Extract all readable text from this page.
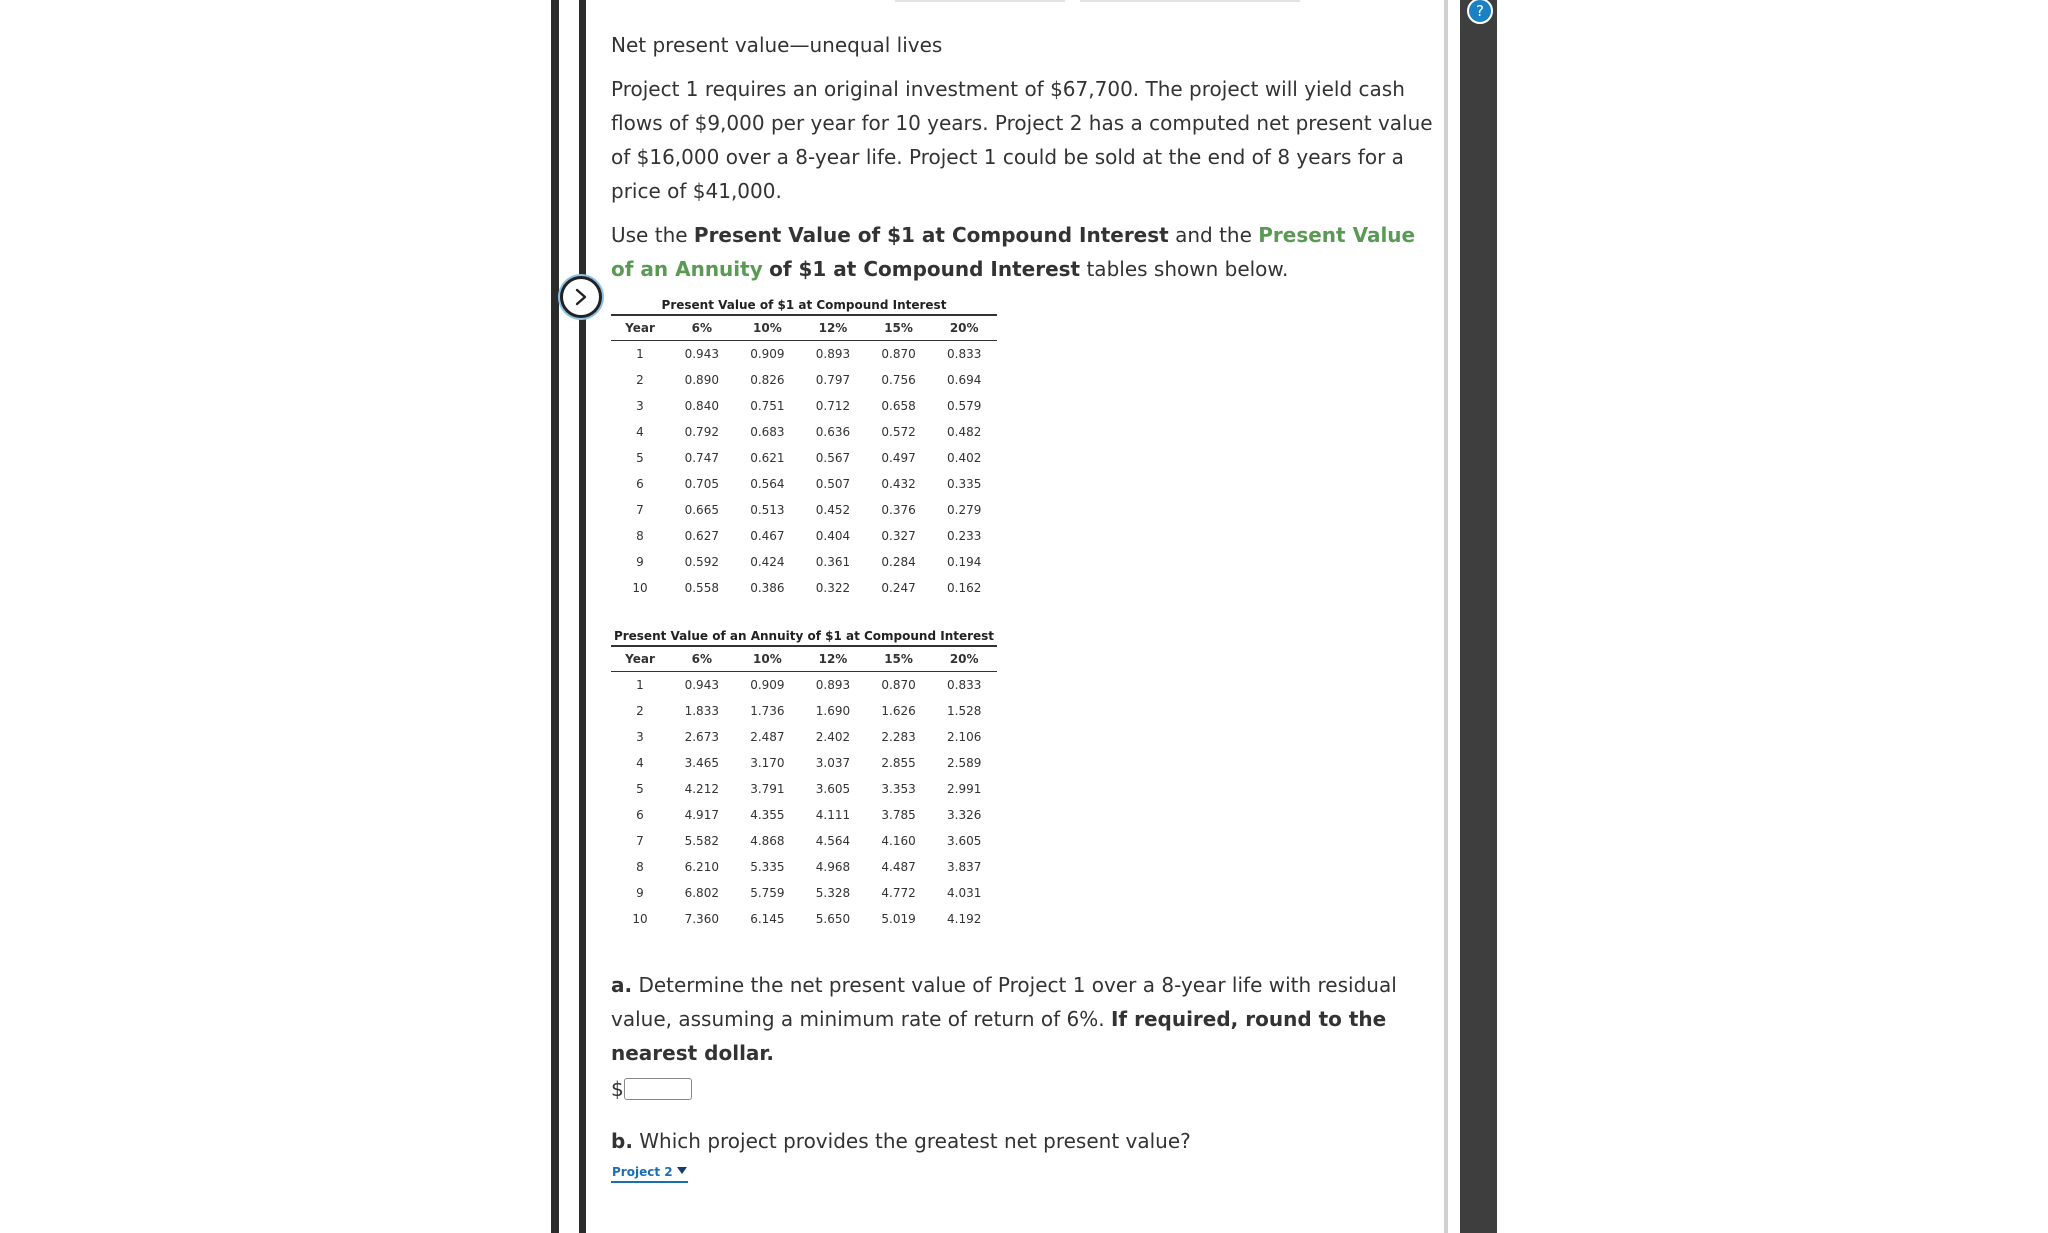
?

Net present value—unequal lives

Project 1 requires an original investment of $67,700. The project will yield cash flows of $9,000 per year for 10 years. Project 2 has a computed net present value of $16,000 over a 8-year life. Project 1 could be sold at the end of 8 years for a price of $41,000.

Use the Present Value of $1 at Compound Interest and the Present Value of an Annuity of $1 at Compound Interest tables shown below.

Present Value of $1 at Compound Interest
Year	6%	10%	12%	15%	20%
1	0.943	0.909	0.893	0.870	0.833
2	0.890	0.826	0.797	0.756	0.694
3	0.840	0.751	0.712	0.658	0.579
4	0.792	0.683	0.636	0.572	0.482
5	0.747	0.621	0.567	0.497	0.402
6	0.705	0.564	0.507	0.432	0.335
7	0.665	0.513	0.452	0.376	0.279
8	0.627	0.467	0.404	0.327	0.233
9	0.592	0.424	0.361	0.284	0.194
10	0.558	0.386	0.322	0.247	0.162
Present Value of an Annuity of $1 at Compound Interest
Year	6%	10%	12%	15%	20%
1	0.943	0.909	0.893	0.870	0.833
2	1.833	1.736	1.690	1.626	1.528
3	2.673	2.487	2.402	2.283	2.106
4	3.465	3.170	3.037	2.855	2.589
5	4.212	3.791	3.605	3.353	2.991
6	4.917	4.355	4.111	3.785	3.326
7	5.582	4.868	4.564	4.160	3.605
8	6.210	5.335	4.968	4.487	3.837
9	6.802	5.759	5.328	4.772	4.031
10	7.360	6.145	5.650	5.019	4.192

a. Determine the net present value of Project 1 over a 8-year life with residual value, assuming a minimum rate of return of 6%. If required, round to the nearest dollar.

$

b. Which project provides the greatest net present value?

Project 2
